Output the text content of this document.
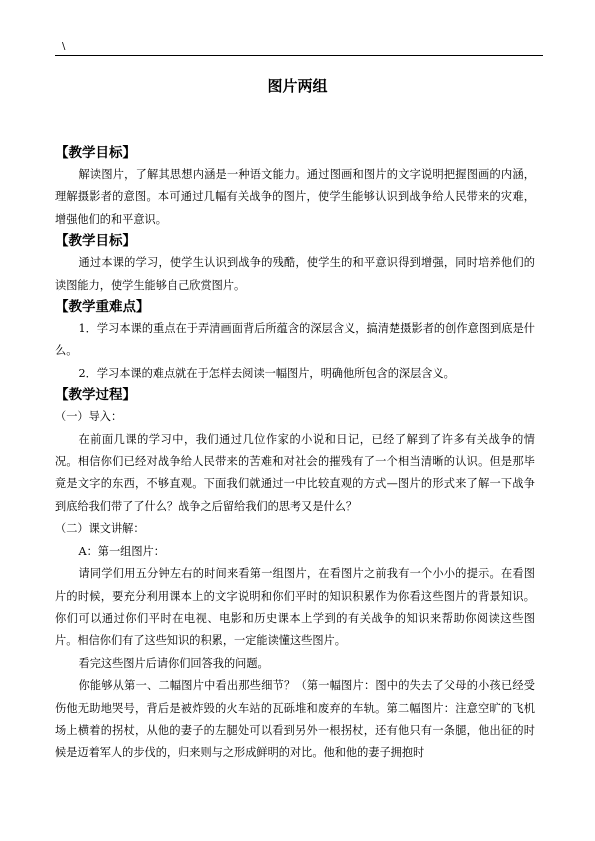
\
图片两组

【教学目标】

解读图片，了解其思想内涵是一种语文能力。通过图画和图片的文字说明把握图画的内涵，理解摄影者的意图。本可通过几幅有关战争的图片，使学生能够认识到战争给人民带来的灾难，增强他们的和平意识。

【教学目标】

通过本课的学习，使学生认识到战争的残酷，使学生的和平意识得到增强，同时培养他们的读图能力，使学生能够自己欣赏图片。

【教学重难点】

1．学习本课的重点在于弄清画面背后所蕴含的深层含义，搞清楚摄影者的创作意图到底是什么。

2．学习本课的难点就在于怎样去阅读一幅图片，明确他所包含的深层含义。

【教学过程】

（一）导入：

在前面几课的学习中，我们通过几位作家的小说和日记，已经了解到了许多有关战争的情况。相信你们已经对战争给人民带来的苦难和对社会的摧残有了一个相当清晰的认识。但是那毕竟是文字的东西，不够直观。下面我们就通过一中比较直观的方式—图片的形式来了解一下战争到底给我们带了了什么？战争之后留给我们的思考又是什么？

（二）课文讲解：

A：第一组图片：

请同学们用五分钟左右的时间来看第一组图片，在看图片之前我有一个小小的提示。在看图片的时候，要充分利用课本上的文字说明和你们平时的知识积累作为你看这些图片的背景知识。你们可以通过你们平时在电视、电影和历史课本上学到的有关战争的知识来帮助你阅读这些图片。相信你们有了这些知识的积累，一定能读懂这些图片。

看完这些图片后请你们回答我的问题。

你能够从第一、二幅图片中看出那些细节？（第一幅图片：图中的失去了父母的小孩已经受伤他无助地哭号，背后是被炸毁的火车站的瓦砾堆和废弃的车轨。第二幅图片：注意空旷的飞机场上横着的拐杖，从他的妻子的左腿处可以看到另外一根拐杖，还有他只有一条腿，他出征的时候是迈着军人的步伐的，归来则与之形成鲜明的对比。他和他的妻子拥抱时
